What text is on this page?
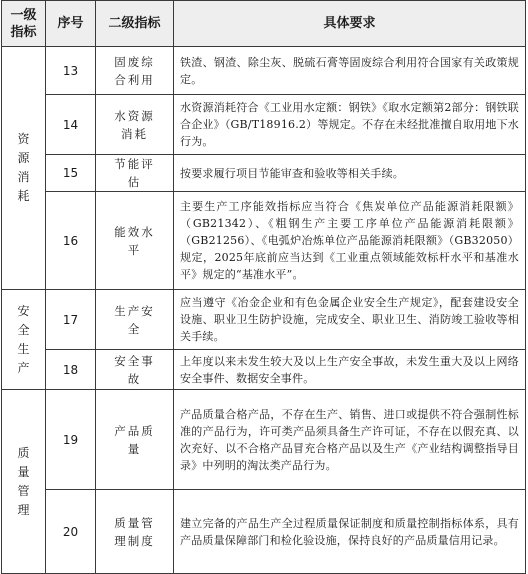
一级指标	序号	二级指标	具体要求
资源消耗	13	固废综合利用	铁渣、钢渣、除尘灰、脱硫石膏等固废综合利用符合国家有关政策规定。
	14	水资源消耗	水资源消耗符合《工业用水定额：钢铁》《取水定额第2部分：钢铁联合企业》（GB/T18916.2）等规定。不存在未经批准擅自取用地下水行为。
	15	节能评估	按要求履行项目节能审查和验收等相关手续。
	16	能效水平	主要生产工序能效指标应当符合《焦炭单位产品能源消耗限额》（GB21342）、《粗钢生产主要工序单位产品能源消耗限额》（GB21256）、《电弧炉冶炼单位产品能源消耗限额》（GB32050）规定，2025年底前应当达到《工业重点领域能效标杆水平和基准水平》规定的“基准水平”。
安全生产	17	生产安全	应当遵守《冶金企业和有色金属企业安全生产规定》，配套建设安全设施、职业卫生防护设施，完成安全、职业卫生、消防竣工验收等相关手续。
	18	安全事故	上年度以来未发生较大及以上生产安全事故，未发生重大及以上网络安全事件、数据安全事件。
质量管理	19	产品质量	产品质量合格产品，不存在生产、销售、进口或提供不符合强制性标准的产品行为，许可类产品须具备生产许可证，不存在以假充真、以次充好、以不合格产品冒充合格产品以及生产《产业结构调整指导目录》中列明的淘汰类产品行为。
	20	质量管理制度	建立完备的产品生产全过程质量保证制度和质量控制指标体系，具有产品质量保障部门和检化验设施，保持良好的产品质量信用记录。
